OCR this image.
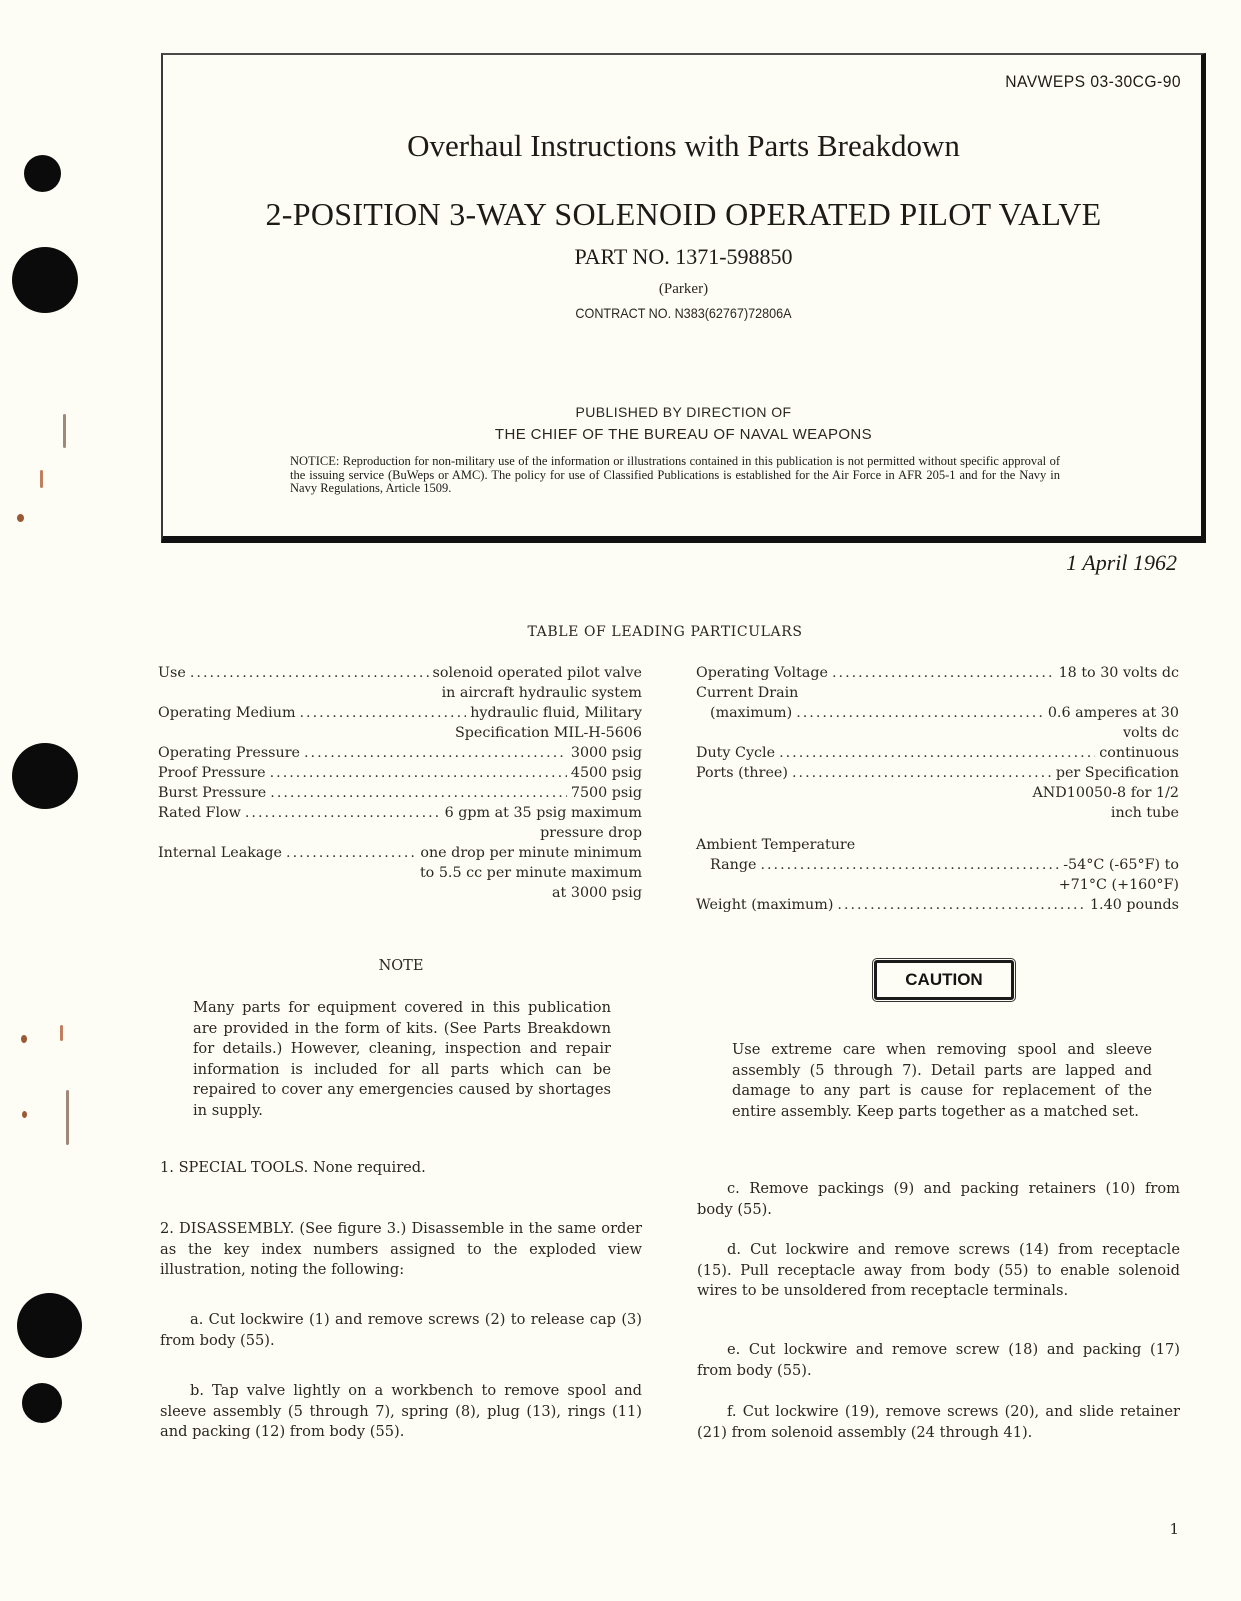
NAVWEPS 03-30CG-90
Overhaul Instructions with Parts Breakdown
2-POSITION 3-WAY SOLENOID OPERATED PILOT VALVE
PART NO. 1371-598850
(Parker)
CONTRACT NO. N383(62767)72806A
PUBLISHED BY DIRECTION OF
THE CHIEF OF THE BUREAU OF NAVAL WEAPONS
NOTICE: Reproduction for non-military use of the information or illustrations contained in this publication is not permitted without specific approval of the issuing service (BuWeps or AMC). The policy for use of Classified Publications is established for the Air Force in AFR 205-1 and for the Navy in Navy Regulations, Article 1509.
1 April 1962
TABLE OF LEADING PARTICULARS
Use .....	solenoid operated pilot valve
in aircraft hydraulic system
Operating Medium .....	hydraulic fluid, Military
Specification MIL-H-5606
Operating Pressure .....	3000 psig
Proof Pressure .....	4500 psig
Burst Pressure .....	7500 psig
Rated Flow .....	6 gpm at 35 psig maximum
pressure drop
Internal Leakage .....	one drop per minute minimum
to 5.5 cc per minute maximum
at 3000 psig
Operating Voltage .....	18 to 30 volts dc
Current Drain
(maximum) .....	0.6 amperes at 30
volts dc
Duty Cycle .....	continuous
Ports (three) .....	per Specification
AND10050-8 for 1/2
inch tube
Ambient Temperature
Range .....	-54°C (-65°F) to
+71°C (+160°F)
Weight (maximum) .....	1.40 pounds
NOTE
Many parts for equipment covered in this publication are provided in the form of kits. (See Parts Breakdown for details.) However, cleaning, inspection and repair information is included for all parts which can be repaired to cover any emergencies caused by shortages in supply.
CAUTION
Use extreme care when removing spool and sleeve assembly (5 through 7). Detail parts are lapped and damage to any part is cause for replacement of the entire assembly. Keep parts together as a matched set.
1. SPECIAL TOOLS. None required.
2. DISASSEMBLY. (See figure 3.) Disassemble in the same order as the key index numbers assigned to the exploded view illustration, noting the following:
a. Cut lockwire (1) and remove screws (2) to release cap (3) from body (55).
b. Tap valve lightly on a workbench to remove spool and sleeve assembly (5 through 7), spring (8), plug (13), rings (11) and packing (12) from body (55).
c. Remove packings (9) and packing retainers (10) from body (55).
d. Cut lockwire and remove screws (14) from receptacle (15). Pull receptacle away from body (55) to enable solenoid wires to be unsoldered from receptacle terminals.
e. Cut lockwire and remove screw (18) and packing (17) from body (55).
f. Cut lockwire (19), remove screws (20), and slide retainer (21) from solenoid assembly (24 through 41).
1
